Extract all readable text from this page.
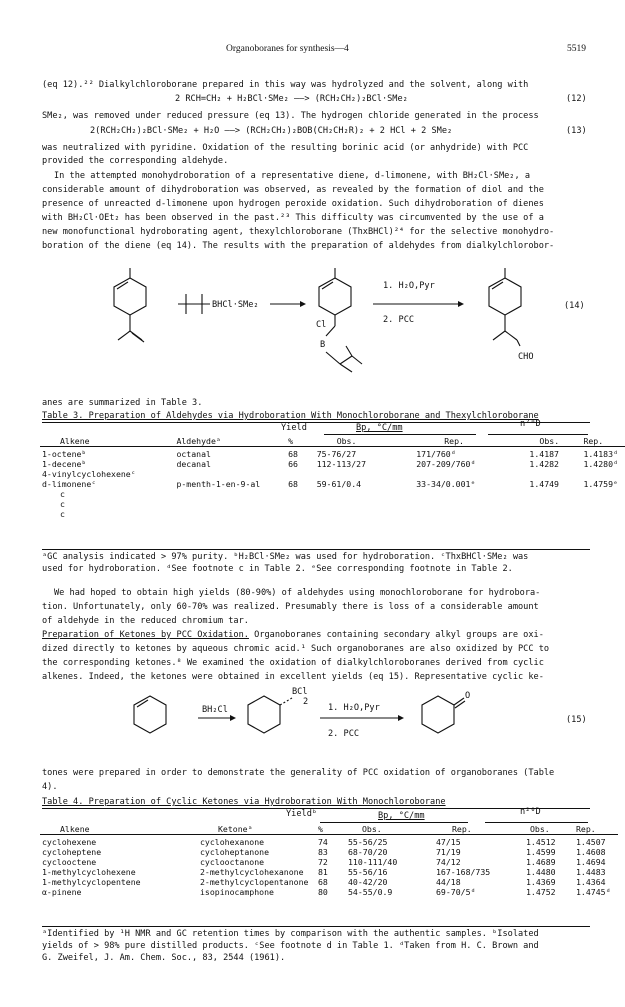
Organoboranes for synthesis—4	5519
(eq 12).²² Dialkylchloroborane prepared in this way was hydrolyzed and the solvent, along with
2 RCH=CH₂ + H₂BCl·SMe₂ ——> (RCH₂CH₂)₂BCl·SMe₂	(12)
SMe₂, was removed under reduced pressure (eq 13). The hydrogen chloride generated in the process
2(RCH₂CH₂)₂BCl·SMe₂ + H₂O ——> (RCH₂CH₂)₂BOB(CH₂CH₂R)₂ + 2 HCl + 2 SMe₂	(13)
was neutralized with pyridine. Oxidation of the resulting borinic acid (or anhydride) with PCC
provided the corresponding aldehyde.
In the attempted monohydroboration of a representative diene, d-limonene, with BH₂Cl·SMe₂, a
considerable amount of dihydroboration was observed, as revealed by the formation of diol and the
presence of unreacted d-limonene upon hydrogen peroxide oxidation. Such dihydroboration of dienes
with BH₂Cl·OEt₂ has been observed in the past.²³ This difficulty was circumvented by the use of a
new monofunctional hydroborating agent, thexylchloroborane (ThxBHCl)²⁴ for the selective monohydro-
boration of the diene (eq 14). The results with the preparation of aldehydes from dialkylchlorobor-
BHCl·SMe₂
Cl
B
1. H₂O,Pyr
2. PCC
CHO
(14)
anes are summarized in Table 3.
Table 3. Preparation of Aldehydes via Hydroboration With Monochloroborane and Thexylchloroborane
Yield	Bp, °C/mm	n²⁰D
Alkene	Aldehydeᵃ	%	Obs.	Rep.	Obs.	Rep.

1-octeneᵇ	octanal	68	75-76/27	171/760ᵈ	1.4187	1.4183ᵈ
1-deceneᵇ	decanal	66	112-113/27	207-209/760ᵈ	1.4282	1.4280ᵈ
4-vinylcyclohexeneᶜ						
d-limoneneᶜ	p-menth-1-en-9-al	68	59-61/0.4	33-34/0.001ᵉ	1.4749	1.4759ᵉ
c						
c						
c						
ᵃGC analysis indicated > 97% purity. ᵇH₂BCl·SMe₂ was used for hydroboration. ᶜThxBHCl·SMe₂ was
used for hydroboration. ᵈSee footnote c in Table 2. ᵉSee corresponding footnote in Table 2.
We had hoped to obtain high yields (80-90%) of aldehydes using monochloroborane for hydrobora-
tion. Unfortunately, only 60-70% was realized. Presumably there is loss of a considerable amount
of aldehyde in the reduced chromium tar.
Preparation of Ketones by PCC Oxidation. Organoboranes containing secondary alkyl groups are oxi-
dized directly to ketones by aqueous chromic acid.¹ Such organoboranes are also oxidized by PCC to
the corresponding ketones.⁸ We examined the oxidation of dialkylchloroboranes derived from cyclic
alkenes. Indeed, the ketones were obtained in excellent yields (eq 15). Representative cyclic ke-
BH₂Cl
BCl
2
1. H₂O,Pyr
2. PCC
O
(15)
tones were prepared in order to demonstrate the generality of PCC oxidation of organoboranes (Table
4).
Table 4. Preparation of Cyclic Ketones via Hydroboration With Monochloroborane
Yieldᵇ	Bp, °C/mm	n²⁰D
Alkene	Ketoneᵃ	%	Obs.	Rep.	Obs.	Rep.

cyclohexene	cyclohexanone	74	55-56/25	47/15	1.4512	1.4507
cycloheptene	cycloheptanone	83	68-70/20	71/19	1.4599	1.4608
cyclooctene	cyclooctanone	72	110-111/40	74/12	1.4689	1.4694
1-methylcyclohexene	2-methylcyclohexanone	81	55-56/16	167-168/735	1.4480	1.4483
1-methylcyclopentene	2-methylcyclopentanone	68	40-42/20	44/18	1.4369	1.4364
α-pinene	isopinocamphone	80	54-55/0.9	69-70/5ᵈ	1.4752	1.4745ᵈ
ᵃIdentified by ¹H NMR and GC retention times by comparison with the authentic samples. ᵇIsolated
yields of > 98% pure distilled products. ᶜSee footnote d in Table 1. ᵈTaken from H. C. Brown and
G. Zweifel, J. Am. Chem. Soc., 83, 2544 (1961).
